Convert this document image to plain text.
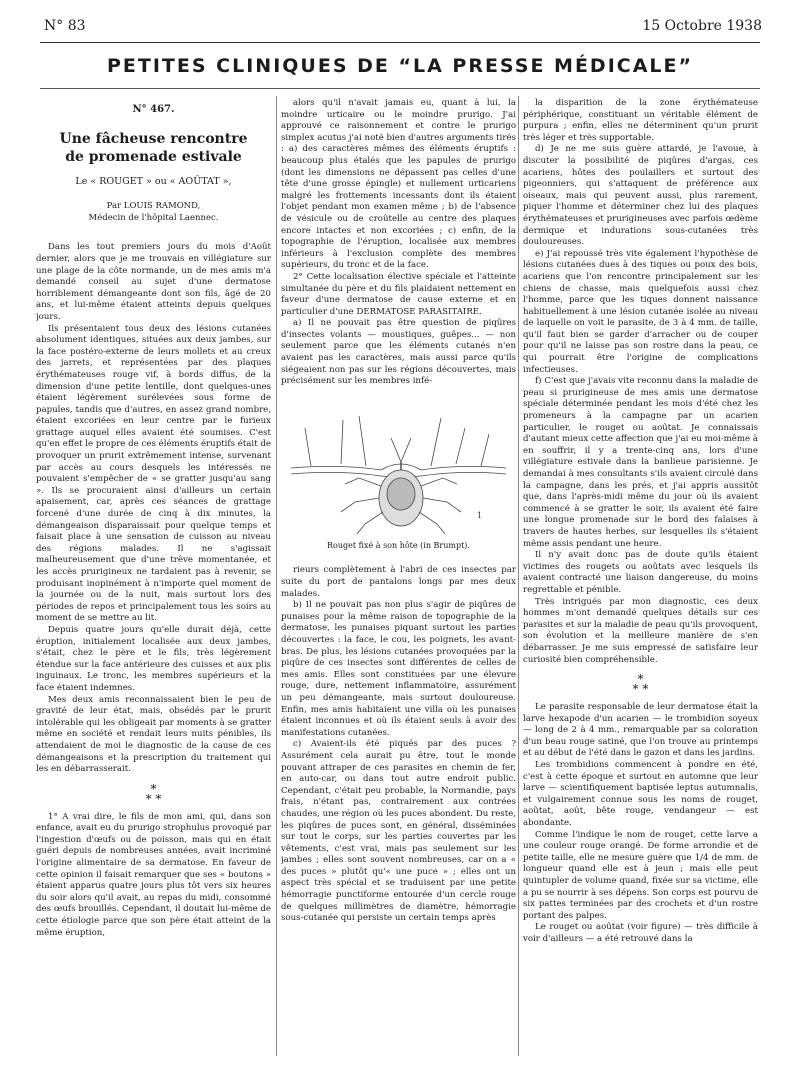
N° 83	15 Octobre 1938
PETITES CLINIQUES DE “LA PRESSE MÉDICALE”

N° 467.

Une fâcheuse rencontre
de promenade estivale

Le « ROUGET » ou « AOÛTAT »,

Par LOUIS RAMOND,

Médecin de l'hôpital Laennec.

Dans les tout premiers jours du mois d'Août dernier, alors que je me trouvais en villégiature sur une plage de la côte normande, un de mes amis m'a demandé conseil au sujet d'une dermatose horriblement démangeante dont son fils, âgé de 20 ans, et lui-même étaient atteints depuis quelques jours.

Ils présentaient tous deux des lésions cutanées absolument identiques, situées aux deux jambes, sur la face postéro-externe de leurs mollets et au creux des jarrets, et représentées par des plaques érythémateuses rouge vif, à bords diffus, de la dimension d'une petite lentille, dont quelques-unes étaient légèrement surélevées sous forme de papules, tandis que d'autres, en assez grand nombre, étaient excoriées en leur centre par le furieux grattage auquel elles avaient été soumises. C'est qu'en effet le propre de ces éléments éruptifs était de provoquer un prurit extrêmement intense, survenant par accès au cours desquels les intéressés ne pouvaient s'empêcher de « se gratter jusqu'au sang ». Ils se procuraient ainsi d'ailleurs un certain apaisement, car, après ces séances de grattage forcené d'une durée de cinq à dix minutes, la démangeaison disparaissait pour quelque temps et faisait place à une sensation de cuisson au niveau des régions malades. Il ne s'agissait malheureusement que d'une trêve momentanée, et les accès prurigineux ne tardaient pas à revenir, se produisant inopinément à n'importe quel moment de la journée ou de la nuit, mais surtout lors des périodes de repos et principalement tous les soirs au moment de se mettre au lit.

Depuis quatre jours qu'elle durait déjà, cette éruption, initialement localisée aux deux jambes, s'était, chez le père et le fils, très légèrement étendue sur la face antérieure des cuisses et aux plis inguinaux. Le tronc, les membres supérieurs et la face étaient indemnes.

Mes deux amis reconnaissaient bien le peu de gravité de leur état, mais, obsédés par le prurit intolérable qui les obligeait par moments à se gratter même en société et rendait leurs nuits pénibles, ils attendaient de moi le diagnostic de la cause de ces démangeaisons et la prescription du traitement qui les en débarrasserait.

*
* *

1° A vrai dire, le fils de mon ami, qui, dans son enfance, avait eu du prurigo strophulus provoqué par l'ingestion d'œufs ou de poisson, mais qui en était guéri depuis de nombreuses années, avait incriminé l'origine alimentaire de sa dermatose. En faveur de cette opinion il faisait remarquer que ses « boutons » étaient apparus quatre jours plus tôt vers six heures du soir alors qu'il avait, au repas du midi, consommé des œufs brouillés. Cependant, il doutait lui-même de cette étiologie parce que son père était atteint de la même éruption,

alors qu'il n'avait jamais eu, quant à lui, la moindre urticaire ou le moindre prurigo. J'ai approuvé ce raisonnement et contre le prurigo simplex acutus j'ai noté bien d'autres arguments tirés : a) des caractères mêmes des éléments éruptifs : beaucoup plus étalés que les papules de prurigo (dont les dimensions ne dépassent pas celles d'une tête d'une grosse épingle) et nullement urticariens malgré les frottements incessants dont ils étaient l'objet pendant mon examen même ; b) de l'absence de vésicule ou de croûtelle au centre des plaques encore intactes et non excoriées ; c) enfin, de la topographie de l'éruption, localisée aux membres inférieurs à l'exclusion complète des membres supérieurs, du tronc et de la face.

2° Cette localisation élective spéciale et l'atteinte simultanée du père et du fils plaidaient nettement en faveur d'une dermatose de cause externe et en particulier d'une DERMATOSE PARASITAIRE.

a) Il ne pouvait pas être question de piqûres d'insectes volants — moustiques, guêpes... — non seulement parce que les éléments cutanés n'en avaient pas les caractères, mais aussi parce qu'ils siégeaient non pas sur les régions découvertes, mais précisément sur les membres infé-

1

Rouget fixé à son hôte (in Brumpt).

rieurs complètement à l'abri de ces insectes par suite du port de pantalons longs par mes deux malades.

b) Il ne pouvait pas non plus s'agir de piqûres de punaises pour la même raison de topographie de la dermatose, les punaises piquant surtout les parties découvertes : la face, le cou, les poignets, les avant-bras. De plus, les lésions cutanées provoquées par la piqûre de ces insectes sont différentes de celles de mes amis. Elles sont constituées par une élevure rouge, dure, nettement inflammatoire, assurément un peu démangeante, mais surtout douloureuse. Enfin, mes amis habitaient une villa où les punaises étaient inconnues et où ils étaient seuls à avoir des manifestations cutanées.

c) Avaient-ils été piqués par des puces ? Assurément cela aurait pu être, tout le monde pouvant attraper de ces parasites en chemin de fer, en auto-car, ou dans tout autre endroit public. Cependant, c'était peu probable, la Normandie, pays frais, n'étant pas, contrairement aux contrées chaudes, une région où les puces abondent. Du reste, les piqûres de puces sont, en général, disséminées sur tout le corps, sur les parties couvertes par les vêtements, c'est vrai, mais pas seulement sur les jambes ; elles sont souvent nombreuses, car on a « des puces » plutôt qu'« une puce » ; elles ont un aspect très spécial et se traduisent par une petite hémorragie punctiforme entourée d'un cercle rouge de quelques millimètres de diamètre, hémorragie sous-cutanée qui persiste un certain temps après

la disparition de la zone érythémateuse périphérique, constituant un véritable élément de purpura ; enfin, elles ne déterminent qu'un prurit très léger et très supportable.

d) Je ne me suis guère attardé, je l'avoue, à discuter la possibilité de piqûres d'argas, ces acariens, hôtes des poulaillers et surtout des pigeonniers, qui s'attaquent de préférence aux oiseaux, mais qui peuvent aussi, plus rarement, piquer l'homme et déterminer chez lui des plaques érythémateuses et prurigineuses avec parfois œdème dermique et indurations sous-cutanées très douloureuses.

e) J'ai repoussé très vite également l'hypothèse de lésions cutanées dues à des tiques ou poux des bois, acariens que l'on rencontre principalement sur les chiens de chasse, mais quelquefois aussi chez l'homme, parce que les tiques donnent naissance habituellement à une lésion cutanée isolée au niveau de laquelle on voit le parasite, de 3 à 4 mm. de taille, qu'il faut bien se garder d'arracher ou de couper pour qu'il ne laisse pas son rostre dans la peau, ce qui pourrait être l'origine de complications infectieuses.

f) C'est que j'avais vite reconnu dans la maladie de peau si prurigineuse de mes amis une dermatose spéciale déterminée pendant les mois d'été chez les promeneurs à la campagne par un acarien particulier, le rouget ou aoûtat. Je connaissais d'autant mieux cette affection que j'ai eu moi-même à en souffrir, il y a trente-cinq ans, lors d'une villégiature estivale dans la banlieue parisienne. Je demandai à mes consultants s'ils avaient circulé dans la campagne, dans les prés, et j'ai appris aussitôt que, dans l'après-midi même du jour où ils avaient commencé à se gratter le soir, ils avaient été faire une longue promenade sur le bord des falaises à travers de hautes herbes, sur lesquelles ils s'étaient même assis pendant une heure.

Il n'y avait donc pas de doute qu'ils étaient victimes des rougets ou aoûtats avec lesquels ils avaient contracté une liaison dangereuse, du moins regrettable et pénible.

Très intrigués par mon diagnostic, ces deux hommes m'ont demandé quelques détails sur ces parasites et sur la maladie de peau qu'ils provoquent, son évolution et la meilleure manière de s'en débarrasser. Je me suis empressé de satisfaire leur curiosité bien compréhensible.

*
* *

Le parasite responsable de leur dermatose était la larve hexapode d'un acarien — le trombidion soyeux — long de 2 à 4 mm., remarquable par sa coloration d'un beau rouge satiné, que l'on trouve au printemps et au début de l'été dans le gazon et dans les jardins.

Les trombidions commencent à pondre en été, c'est à cette époque et surtout en automne que leur larve — scientifiquement baptisée leptus autumnalis, et vulgairement connue sous les noms de rouget, aoûtat, août, bête rouge, vendangeur — est abondante.

Comme l'indique le nom de rouget, cette larve a une couleur rouge orangé. De forme arrondie et de petite taille, elle ne mesure guère que 1/4 de mm. de longueur quand elle est à jeun ; mais elle peut quintupler de volume quand, fixée sur sa victime, elle a pu se nourrir à ses dépens. Son corps est pourvu de six pattes terminées par des crochets et d'un rostre portant des palpes.

Le rouget ou aoûtat (voir figure) — très difficile à voir d'ailleurs — a été retrouvé dans la
